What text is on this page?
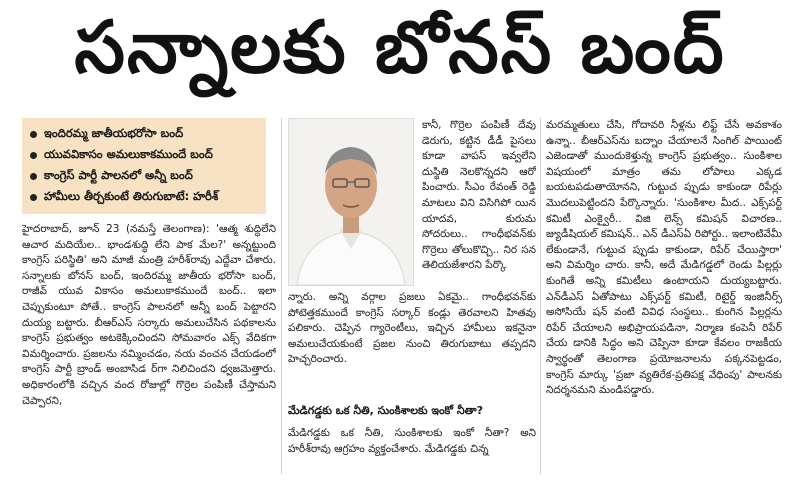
సన్నాలకు బోనస్ బంద్
ఇందిరమ్మ జాతీయభరోసా బంద్
యువవికాసం అమలుకాకముందే బంద్
కాంగ్రెస్ పార్టీ పాలనలో అన్నీ బంద్
హామీలు తీర్చకుంటే తిరుగుబాటే: హరీశ్

హైదరాబాద్, జూన్ 23 (నమస్తే తెలంగాణ): 'ఆత్మ శుద్ధిలేని ఆచార మదియేల.. భాండశుద్ధి లేని పాక మేల?' అన్నట్టుంది కాంగ్రెస్ పరిస్థితి' అని మాజీ మంత్రి హరీశ్‌రావు ఎద్దేవా చేశారు. సన్నాలకు బోనస్ బంద్, ఇందిరమ్మ జాతీయ భరోసా బంద్, రాజీవ్ యువ వికాసం అమలుకాకముందే బంద్.. ఇలా చెప్పుకుంటూ పోతే.. కాంగ్రెస్ పాలనలో అన్నీ బంద్ పెట్టారని దుయ్య బట్టారు. బీఆర్‌ఎస్ సర్కారు అమలుచేసిన పథకాలను కాంగ్రెస్ ప్రభుత్వం అటకెక్కించిందని సోమవారం ఎక్స్ వేదికగా విమర్శించారు. ప్రజలను నమ్మించడం, నయ వంచన చేయడంలో కాంగ్రెస్ పార్టీ బ్రాండ్ అంబాసిడ ర్‌గా నిలిచిందని ధ్వజమెత్తారు. అధికారంలోకి వచ్చిన వంద రోజుల్లో గొర్రెల పంపిణీ చేస్తామని చెప్పారని,

కానీ, గొర్రెల పంపిణీ దేవు డెరుగు, కట్టిన డీడీ పైసలు కూడా వాపస్ ఇవ్వలేని దుస్థితి నెలకొన్నదని ఆరో పించారు. సీఎం రేవంత్ రెడ్డి మాటలు విని విసిగిపో యిన యాదవ, కురుమ సోదరులు.. గాంధీభవన్‌కు గొర్రెలు తోలుకొచ్చి.. నిర సన తెలియజేశారని పేర్కొ

న్నారు. అన్ని వర్గాల ప్రజలు ఏకమై.. గాంధీభవన్‌కు పోటెత్తకముందే కాంగ్రెస్ సర్కార్ కండ్లు తెరవాలని హితవు పలికారు. చెప్పిన గ్యారెంటీలు, ఇచ్చిన హామీలు ఇకనైనా అమలుచేయకుంటే ప్రజల నుంచి తిరుగుబాటు తప్పదని హెచ్చరించారు.

మేడిగడ్డకు ఒక నీతి, సుంకిశాలకు ఇంకో నీతా?

మేడిగడ్డకు ఒక నీతి, సుంకిశాలకు ఇంకో నీతా? అని హరీశ్‌రావు ఆగ్రహం వ్యక్తంచేశారు. మేడిగడ్డకు చిన్న

మరమ్మతులు చేసి, గోదావరి నీళ్లను లిఫ్ట్ చేసే అవకాశం ఉన్నా.. బీఆర్‌ఎస్‌ను బద్నాం చేయాలనే సింగిల్ పాయింట్ ఎజెండాతో ముందుకెళ్తున్న కాంగ్రెస్ ప్రభుత్వం.. సుంకిశాల విషయంలో మాత్రం తమ లోపాలు ఎక్కడ బయటపడుతాయోనని, గుట్టుచ ప్పుడు కాకుండా రిపేర్లు మొదలుపెట్టిందని పేర్కొన్నారు. 'సుంకిశాల మీద.. ఎక్స్‌పర్ట్ కమిటీ ఎంక్వైరీ.. విజి లెన్స్ కమిషన్ విచారణ.. జ్యుడీషియల్ కమిషన్.. ఎన్ డీఎస్‌ఏ రిపోర్టు.. ఇలాంటివేమీ లేకుండానే, గుట్టుచ ప్పుడు కాకుండా, రిపేర్ చేయిస్తారా' అని విమర్శిం చారు. కానీ, అదే మేడిగడ్డలో రెండు పిల్లర్లు కుంగితే అన్ని కమిటీలు ఉంటాయని దుయ్యబట్టారు. ఎన్‌డీఎస్ ఏతోపాటు ఎక్స్‌పర్ట్ కమిటీ, రిటైర్డ్ ఇంజినీర్స్ అసోసియే షన్ వంటి వివిధ సంస్థలు.. కుంగిన పిల్లర్లను రిపేర్ చేయాలని అభిప్రాయపడినా, నిర్మాణ కంపెనీ రిపేర్ చేయ డానికి సిద్ధం అని చెప్పినా కూడా కేవలం రాజకీయ స్వార్థంతో తెలంగాణ ప్రయోజనాలను పక్కనపెట్టడం, కాంగ్రెస్ మార్కు 'ప్రజా వ్యతిరేక-ప్రతిపక్ష వేధింపు' పాలనకు నిదర్శనమని మండిపడ్డారు.
